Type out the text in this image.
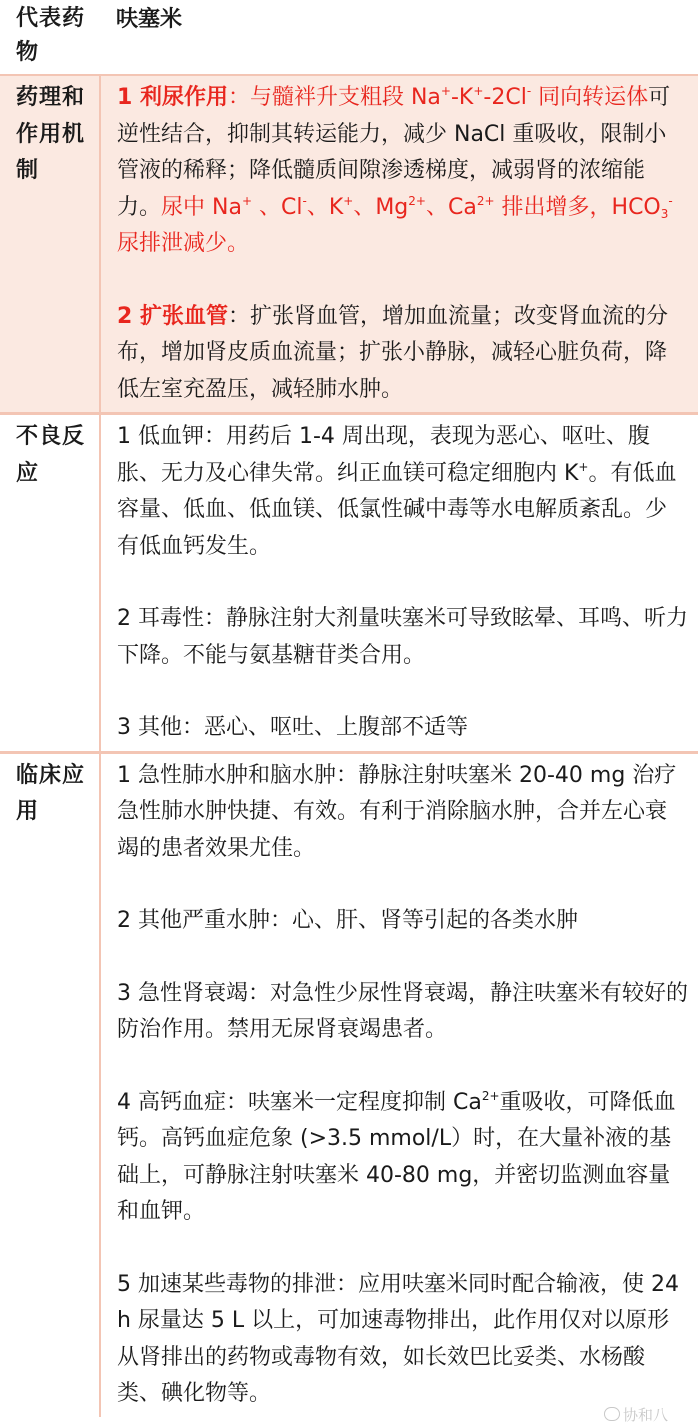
代表药物	呋塞米
药理和作用机制	1 利尿作用：与髓袢升支粗段 Na+-K+-2Cl- 同向转运体可逆性结合，抑制其转运能力，减少 NaCl 重吸收，限制小管液的稀释；降低髓质间隙渗透梯度，减弱肾的浓缩能力。尿中 Na+ 、Cl-、K+、$Mg^{2+}$、$Ca^{2+}$ 排出增多，$HCO_3^-$ 尿排泄减少。

2 扩张血管：扩张肾血管，增加血流量；改变肾血流的分布，增加肾皮质血流量；扩张小静脉，减轻心脏负荷，降低左室充盈压，减轻肺水肿。

不良反应	1 低血钾：用药后 1-4 周出现，表现为恶心、呕吐、腹胀、无力及心律失常。纠正血镁可稳定细胞内 K+。有低血容量、低血、低血镁、低氯性碱中毒等水电解质紊乱。少有低血钙发生。

2 耳毒性：静脉注射大剂量呋塞米可导致眩晕、耳鸣、听力下降。不能与氨基糖苷类合用。

3 其他：恶心、呕吐、上腹部不适等

临床应用	1 急性肺水肿和脑水肿：静脉注射呋塞米 20-40 mg 治疗急性肺水肿快捷、有效。有利于消除脑水肿，合并左心衰竭的患者效果尤佳。

2 其他严重水肿：心、肝、肾等引起的各类水肿

3 急性肾衰竭：对急性少尿性肾衰竭，静注呋塞米有较好的防治作用。禁用无尿肾衰竭患者。

4 高钙血症：呋塞米一定程度抑制 $Ca^{2+}$重吸收，可降低血钙。高钙血症危象 (>3.5 mmol/L）时，在大量补液的基础上，可静脉注射呋塞米 40-80 mg，并密切监测血容量和血钾。

5 加速某些毒物的排泄：应用呋塞米同时配合输液，使 24 h 尿量达 5 L 以上，可加速毒物排出，此作用仅对以原形从肾排出的药物或毒物有效，如长效巴比妥类、水杨酸类、碘化物等。

协和八
